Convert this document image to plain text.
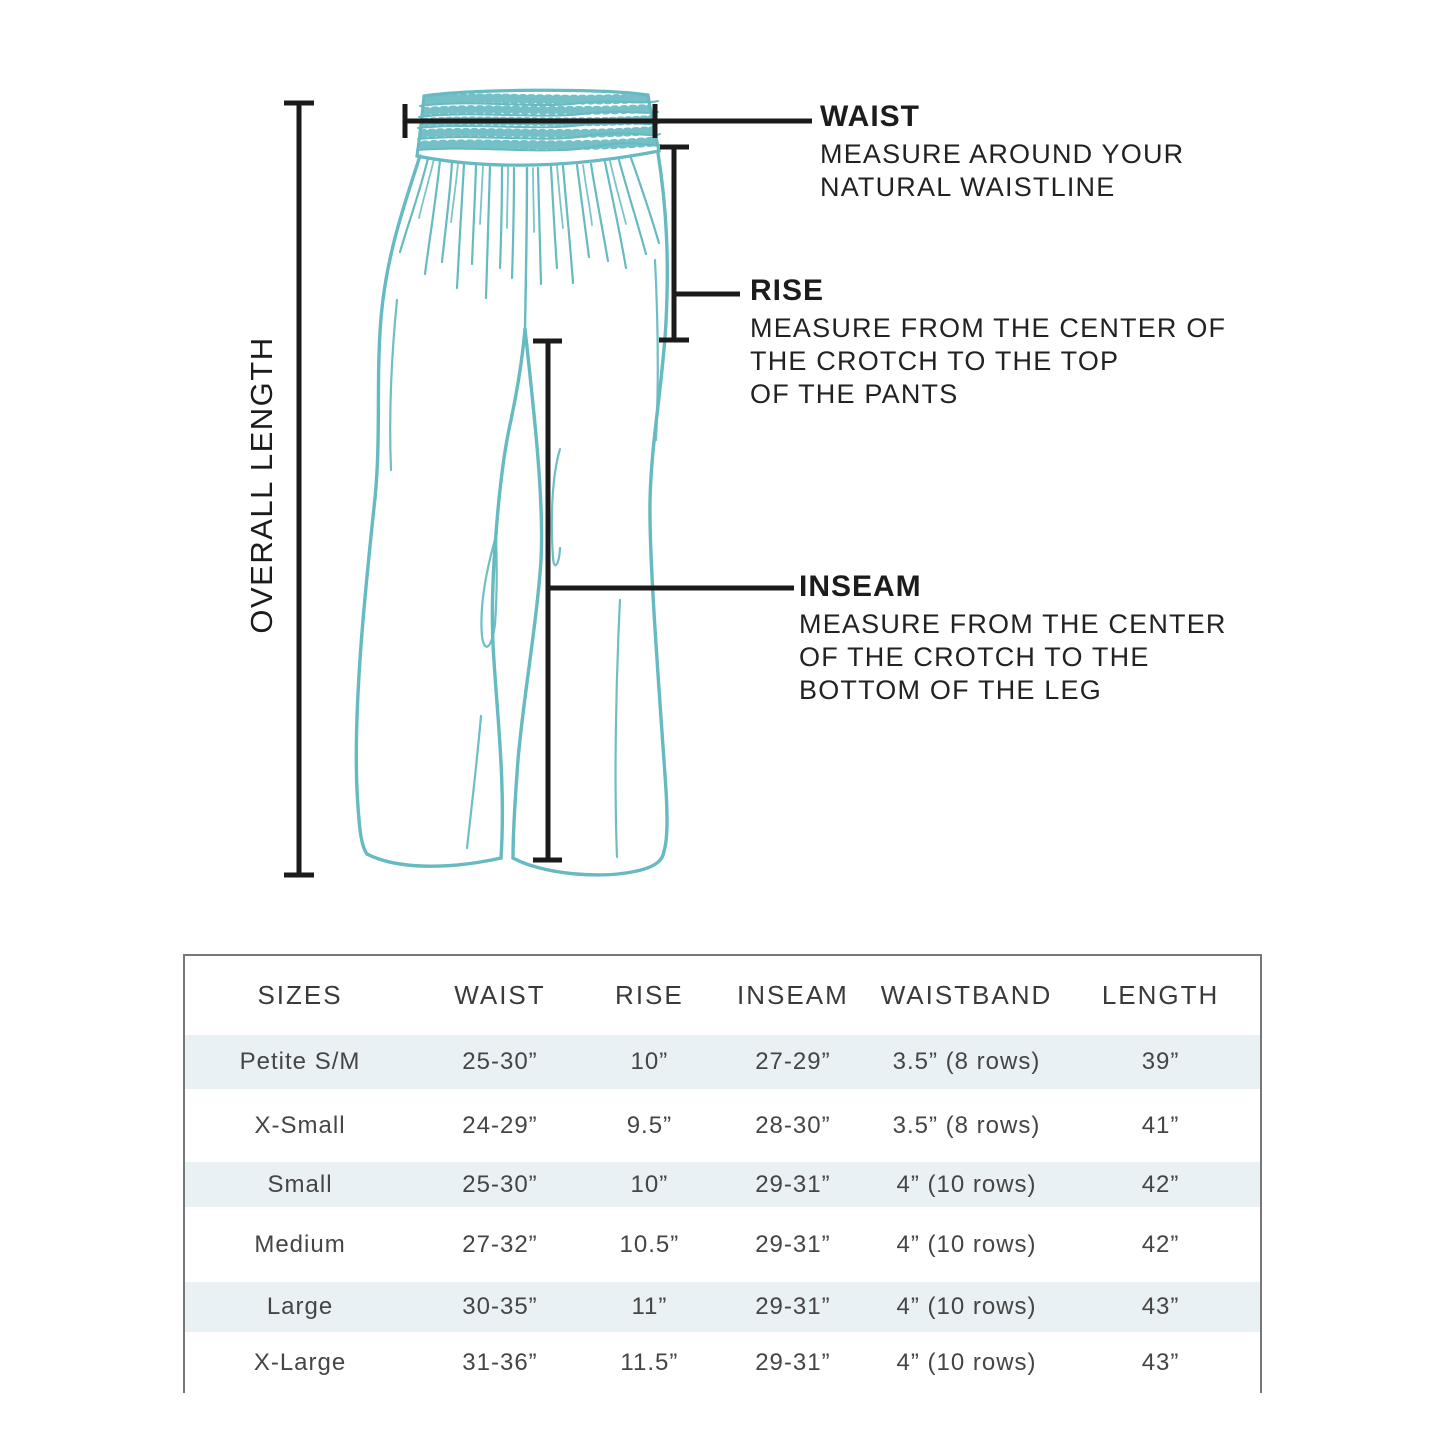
OVERALL LENGTH
WAIST
MEASURE AROUND YOUR
NATURAL WAISTLINE
RISE
MEASURE FROM THE CENTER OF
THE CROTCH TO THE TOP
OF THE PANTS
INSEAM
MEASURE FROM THE CENTER
OF THE CROTCH TO THE
BOTTOM OF THE LEG
SIZES	WAIST	RISE	INSEAM	WAISTBAND	LENGTH
Petite S/M	25-30”	10”	27-29”	3.5” (8 rows)	39”
X-Small	24-29”	9.5”	28-30”	3.5” (8 rows)	41”
Small	25-30”	10”	29-31”	4” (10 rows)	42”
Medium	27-32”	10.5”	29-31”	4” (10 rows)	42”
Large	30-35”	11”	29-31”	4” (10 rows)	43”
X-Large	31-36”	11.5”	29-31”	4” (10 rows)	43”
